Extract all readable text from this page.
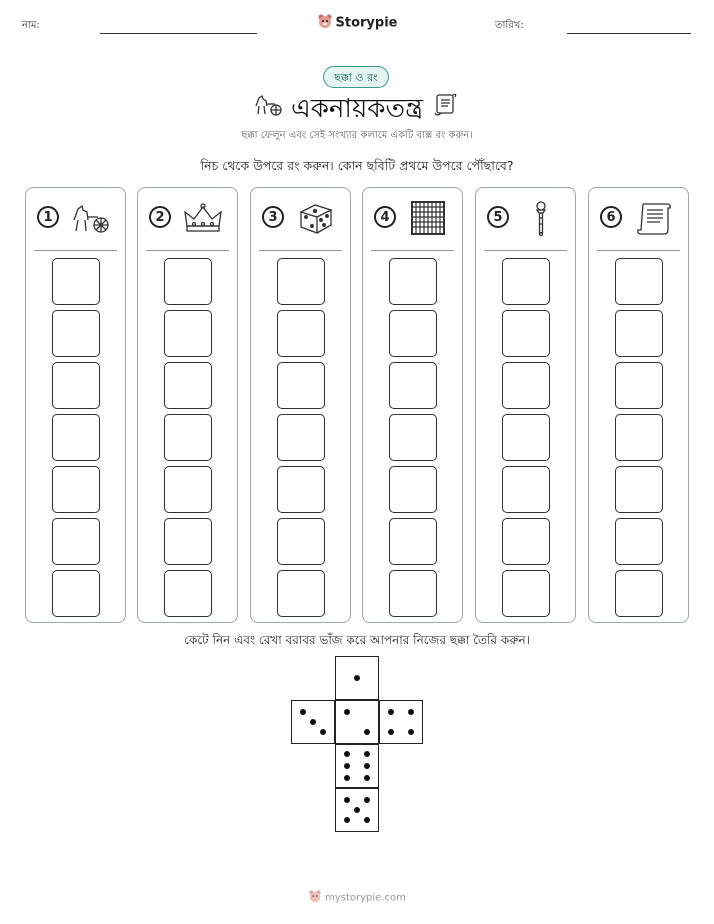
নাম:	Storypie	তারিখ:
ছক্কা ও রং
একনায়কতন্ত্র
ছক্কা ফেলুন এবং সেই সংখ্যার কলামে একটি বাক্স রং করুন।
নিচ থেকে উপরে রং করুন। কোন ছবিটি প্রথমে উপরে পৌঁছাবে?
1	2	3	4	5	6
কেটে নিন এবং রেখা বরাবর ভাঁজ করে আপনার নিজের ছক্কা তৈরি করুন।
mystorypie.com
